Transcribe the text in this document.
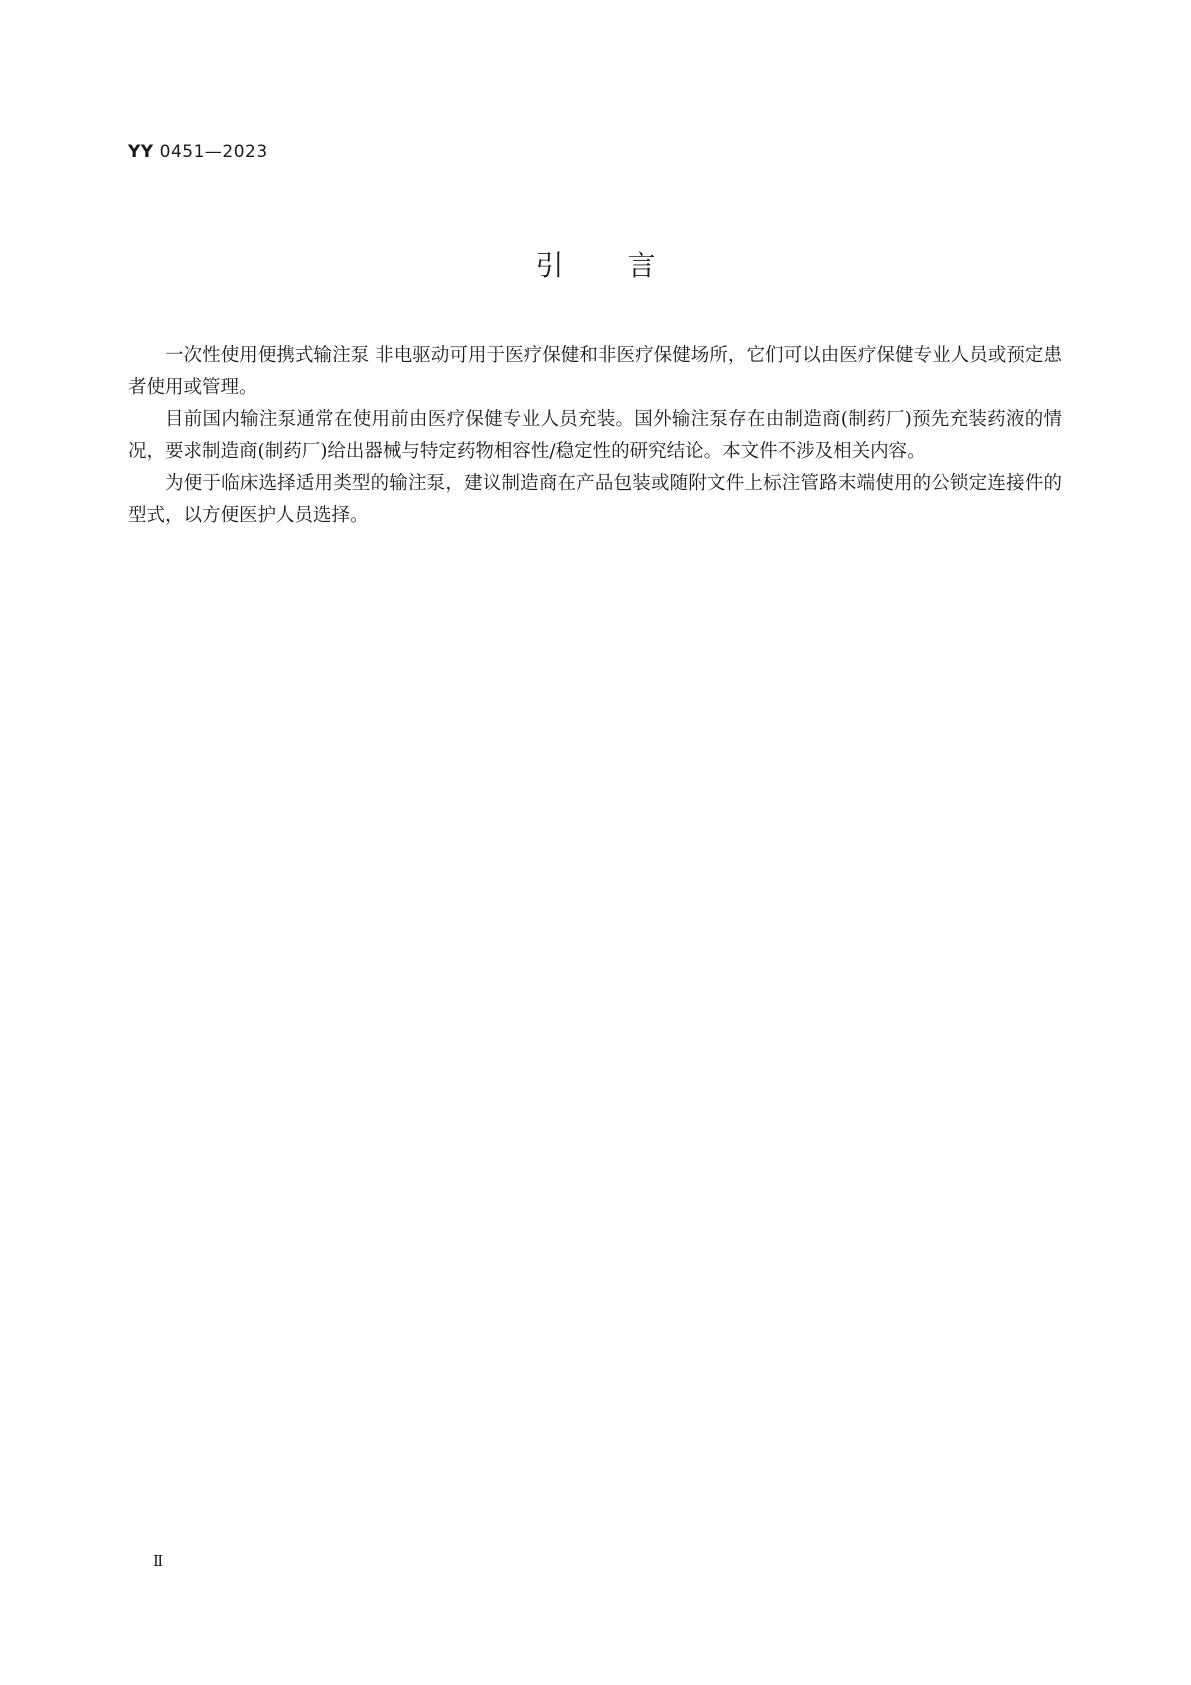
YY 0451—2023
引言

一次性使用便携式输注泵 非电驱动可用于医疗保健和非医疗保健场所，它们可以由医疗保健专业人员或预定患者使用或管理。

目前国内输注泵通常在使用前由医疗保健专业人员充装。国外输注泵存在由制造商(制药厂)预先充装药液的情况，要求制造商(制药厂)给出器械与特定药物相容性/稳定性的研究结论。本文件不涉及相关内容。

为便于临床选择适用类型的输注泵，建议制造商在产品包装或随附文件上标注管路末端使用的公锁定连接件的型式，以方便医护人员选择。

Ⅱ
